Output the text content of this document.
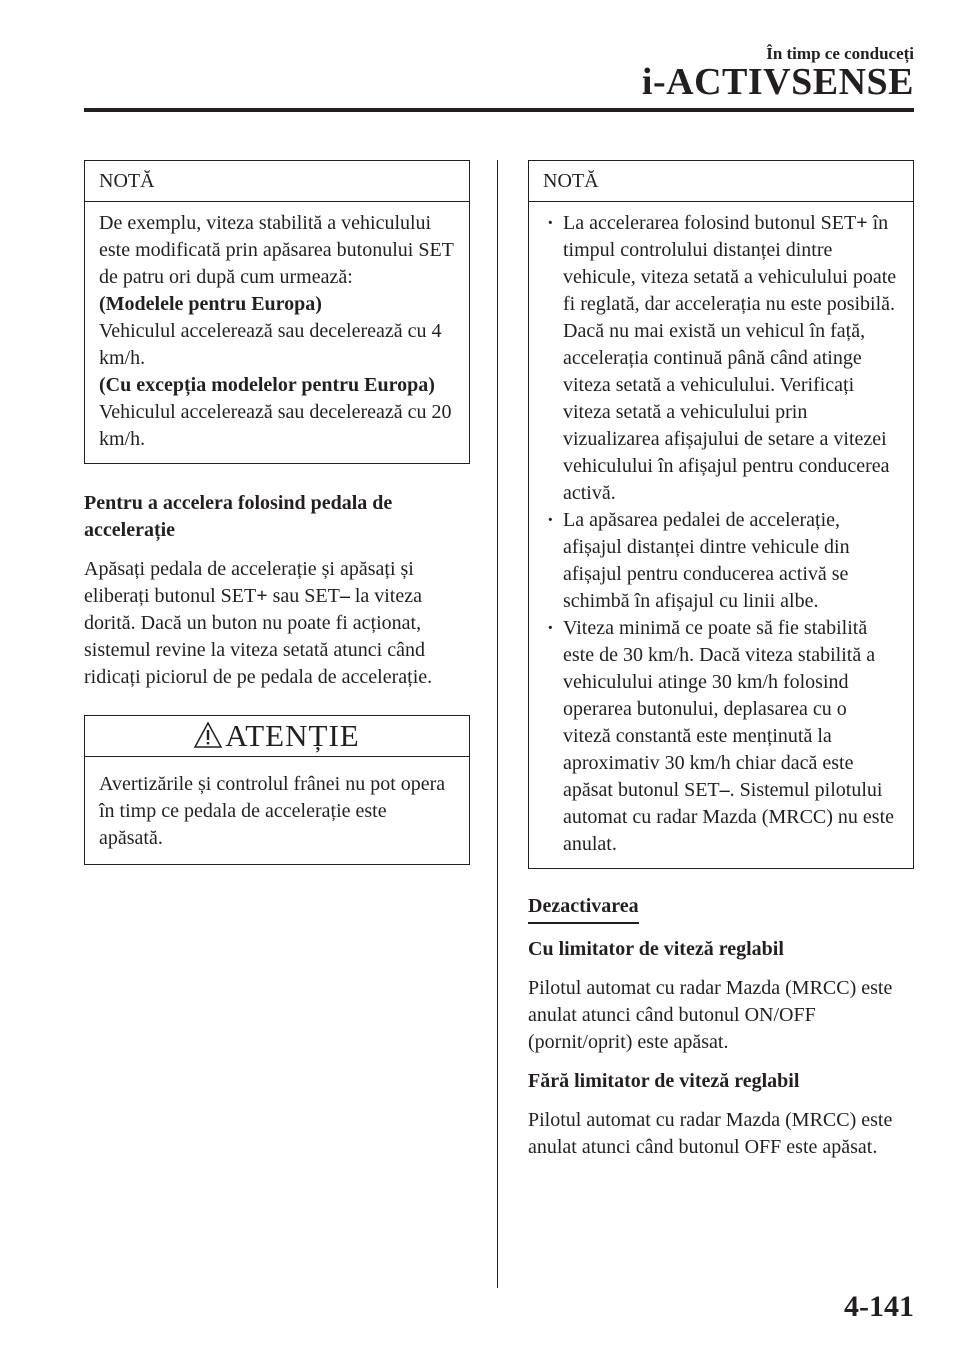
În timp ce conduceți
i-ACTIVSENSE
NOTĂ

De exemplu, viteza stabilită a vehiculului este modificată prin apăsarea butonului SET de patru ori după cum urmează:

(Modelele pentru Europa)

Vehiculul accelerează sau decelerează cu 4 km/h.

(Cu excepția modelelor pentru Europa)

Vehiculul accelerează sau decelerează cu 20 km/h.

Pentru a accelera folosind pedala de accelerație

Apăsați pedala de accelerație și apăsați și eliberați butonul SET+ sau SET– la viteza dorită. Dacă un buton nu poate fi acționat, sistemul revine la viteza setată atunci când ridicați piciorul de pe pedala de accelerație.

ATENȚIE
Avertizările și controlul frânei nu pot opera în timp ce pedala de accelerație este apăsată.
NOTĂ
· La accelerarea folosind butonul SET+ în timpul controlului distanței dintre vehicule, viteza setată a vehiculului poate fi reglată, dar accelerația nu este posibilă. Dacă nu mai există un vehicul în față, accelerația continuă până când atinge viteza setată a vehiculului. Verificați viteza setată a vehiculului prin vizualizarea afișajului de setare a vitezei vehiculului în afișajul pentru conducerea activă.
· La apăsarea pedalei de accelerație, afișajul distanței dintre vehicule din afișajul pentru conducerea activă se schimbă în afișajul cu linii albe.
· Viteza minimă ce poate să fie stabilită este de 30 km/h. Dacă viteza stabilită a vehiculului atinge 30 km/h folosind operarea butonului, deplasarea cu o viteză constantă este menținută la aproximativ 30 km/h chiar dacă este apăsat butonul SET–. Sistemul pilotului automat cu radar Mazda (MRCC) nu este anulat.
Dezactivarea

Cu limitator de viteză reglabil

Pilotul automat cu radar Mazda (MRCC) este anulat atunci când butonul ON/OFF (pornit/oprit) este apăsat.

Fără limitator de viteză reglabil

Pilotul automat cu radar Mazda (MRCC) este anulat atunci când butonul OFF este apăsat.

4-141
